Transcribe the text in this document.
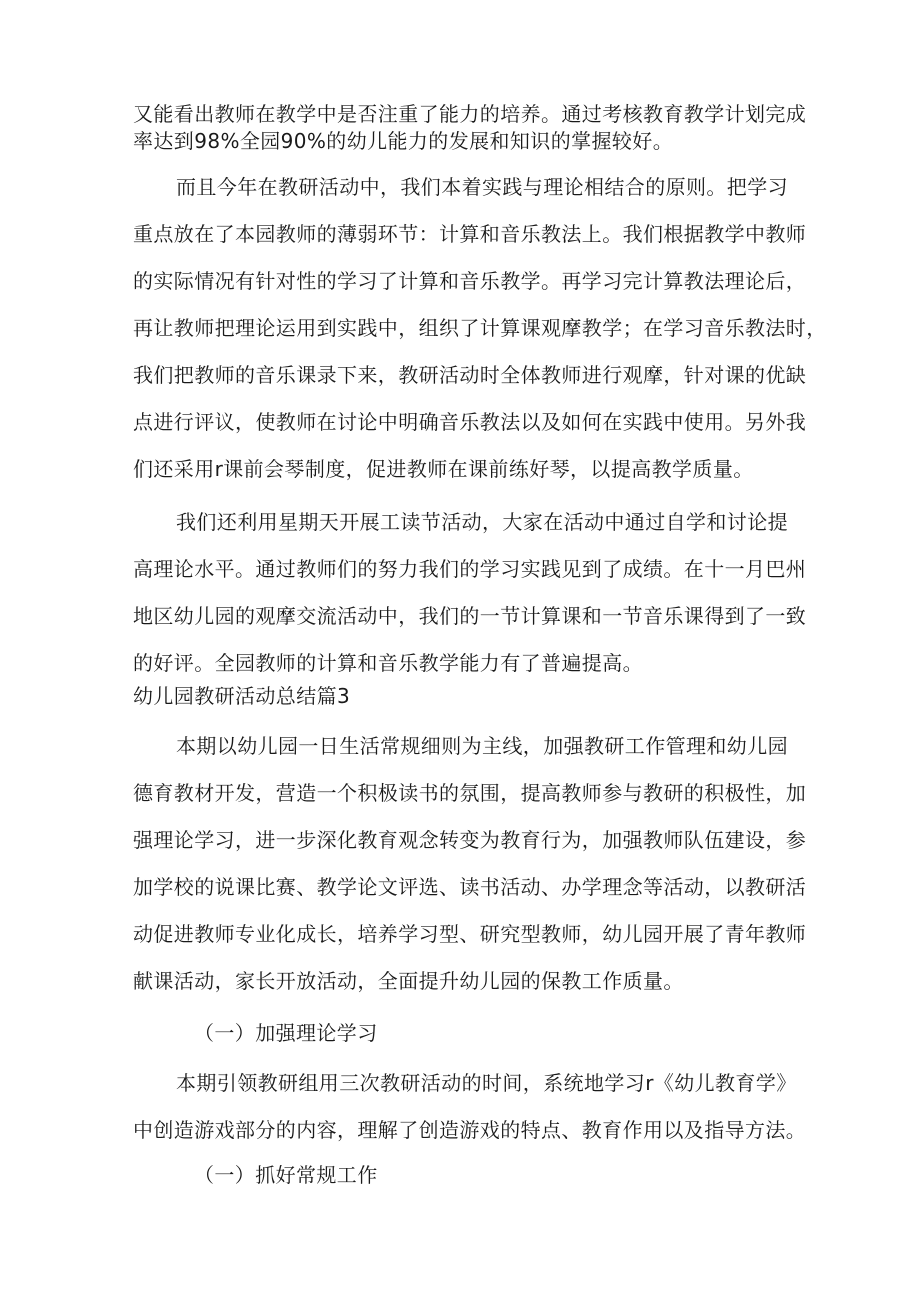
又能看出教师在教学中是否注重了能力的培养。通过考核教育教学计划完成
率达到98%全园90%的幼儿能力的发展和知识的掌握较好。
而且今年在教研活动中，我们本着实践与理论相结合的原则。把学习
重点放在了本园教师的薄弱环节：计算和音乐教法上。我们根据教学中教师
的实际情况有针对性的学习了计算和音乐教学。再学习完计算教法理论后，
再让教师把理论运用到实践中，组织了计算课观摩教学；在学习音乐教法时，
我们把教师的音乐课录下来，教研活动时全体教师进行观摩，针对课的优缺
点进行评议，使教师在讨论中明确音乐教法以及如何在实践中使用。另外我
们还采用r课前会琴制度，促进教师在课前练好琴，以提高教学质量。
我们还利用星期天开展工读节活动，大家在活动中通过自学和讨论提
高理论水平。通过教师们的努力我们的学习实践见到了成绩。在十一月巴州
地区幼儿园的观摩交流活动中，我们的一节计算课和一节音乐课得到了一致
的好评。全园教师的计算和音乐教学能力有了普遍提高。
幼儿园教研活动总结篇3
本期以幼儿园一日生活常规细则为主线，加强教研工作管理和幼儿园
德育教材开发，营造一个积极读书的氛围，提高教师参与教研的积极性，加
强理论学习，进一步深化教育观念转变为教育行为，加强教师队伍建设，参
加学校的说课比赛、教学论文评选、读书活动、办学理念等活动，以教研活
动促进教师专业化成长，培养学习型、研究型教师，幼儿园开展了青年教师
献课活动，家长开放活动，全面提升幼儿园的保教工作质量。
（一）加强理论学习
本期引领教研组用三次教研活动的时间，系统地学习r《幼儿教育学》
中创造游戏部分的内容，理解了创造游戏的特点、教育作用以及指导方法。
（一）抓好常规工作
